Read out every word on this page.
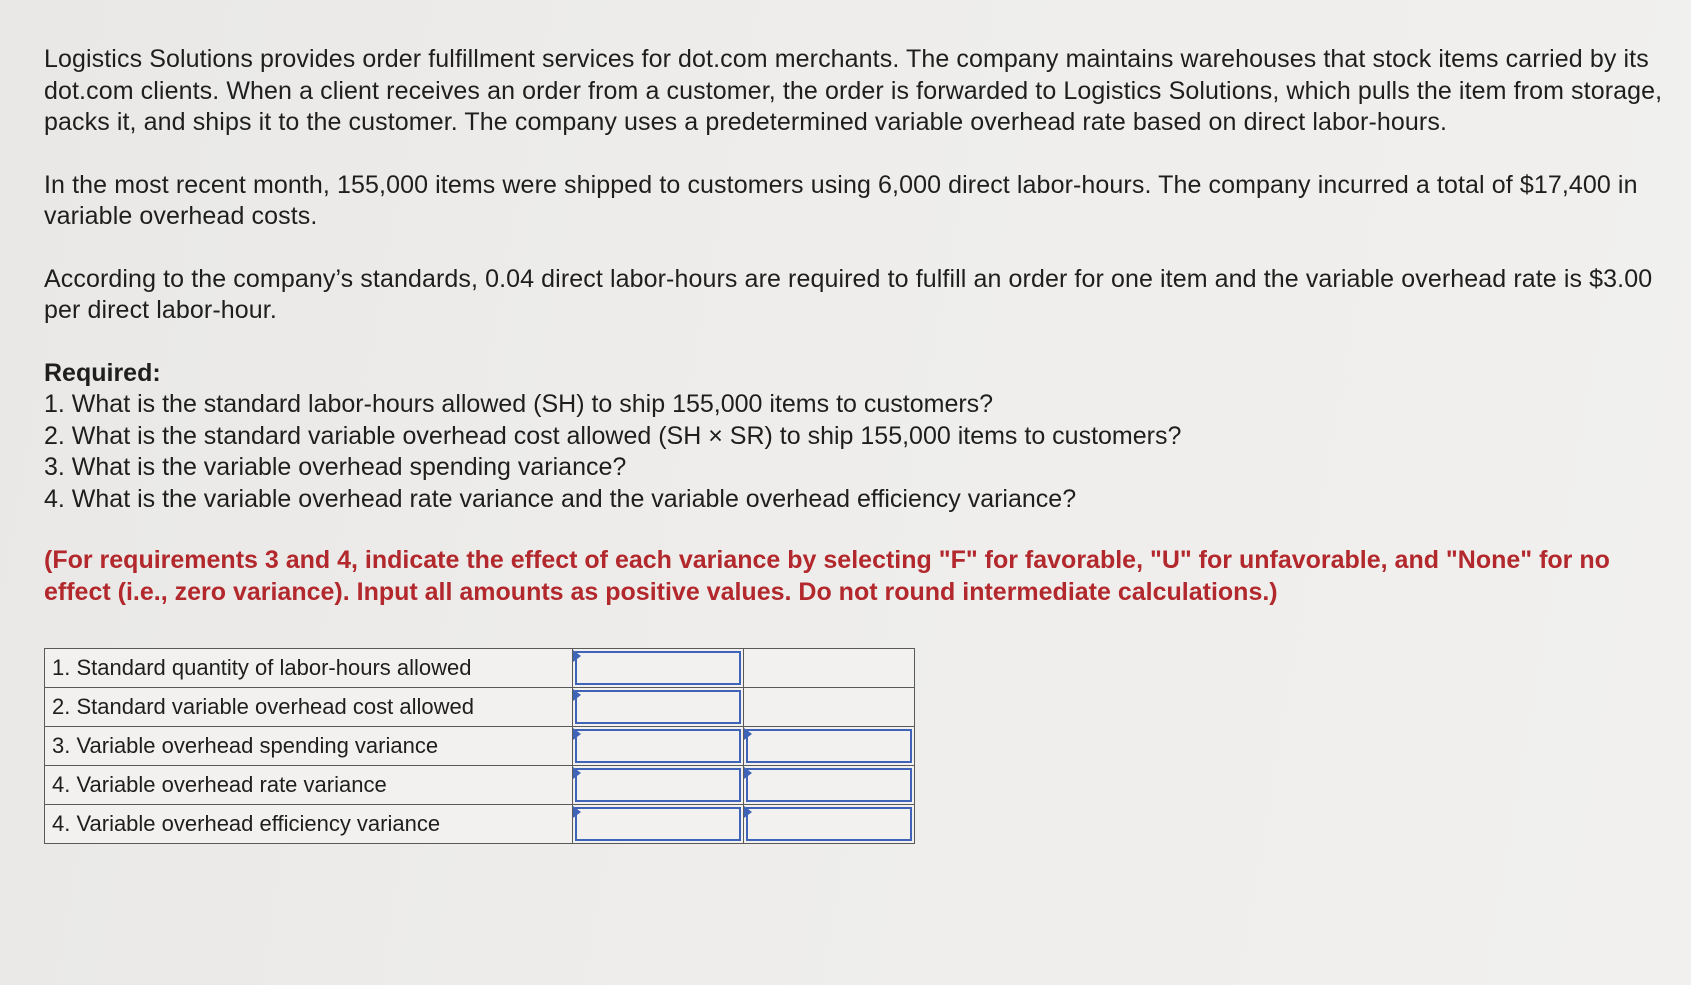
Logistics Solutions provides order fulfillment services for dot.com merchants. The company maintains warehouses that stock items carried by its dot.com clients. When a client receives an order from a customer, the order is forwarded to Logistics Solutions, which pulls the item from storage, packs it, and ships it to the customer. The company uses a predetermined variable overhead rate based on direct labor-hours.

In the most recent month, 155,000 items were shipped to customers using 6,000 direct labor-hours. The company incurred a total of $17,400 in variable overhead costs.

According to the company’s standards, 0.04 direct labor-hours are required to fulfill an order for one item and the variable overhead rate is $3.00 per direct labor-hour.

Required:

1. What is the standard labor-hours allowed (SH) to ship 155,000 items to customers?
2. What is the standard variable overhead cost allowed (SH × SR) to ship 155,000 items to customers?
3. What is the variable overhead spending variance?
4. What is the variable overhead rate variance and the variable overhead efficiency variance?

(For requirements 3 and 4, indicate the effect of each variance by selecting "F" for favorable, "U" for unfavorable, and "None" for no effect (i.e., zero variance). Input all amounts as positive values. Do not round intermediate calculations.)

1. Standard quantity of labor-hours allowed	

2. Standard variable overhead cost allowed	

3. Variable overhead spending variance	

4. Variable overhead rate variance	

4. Variable overhead efficiency variance	
